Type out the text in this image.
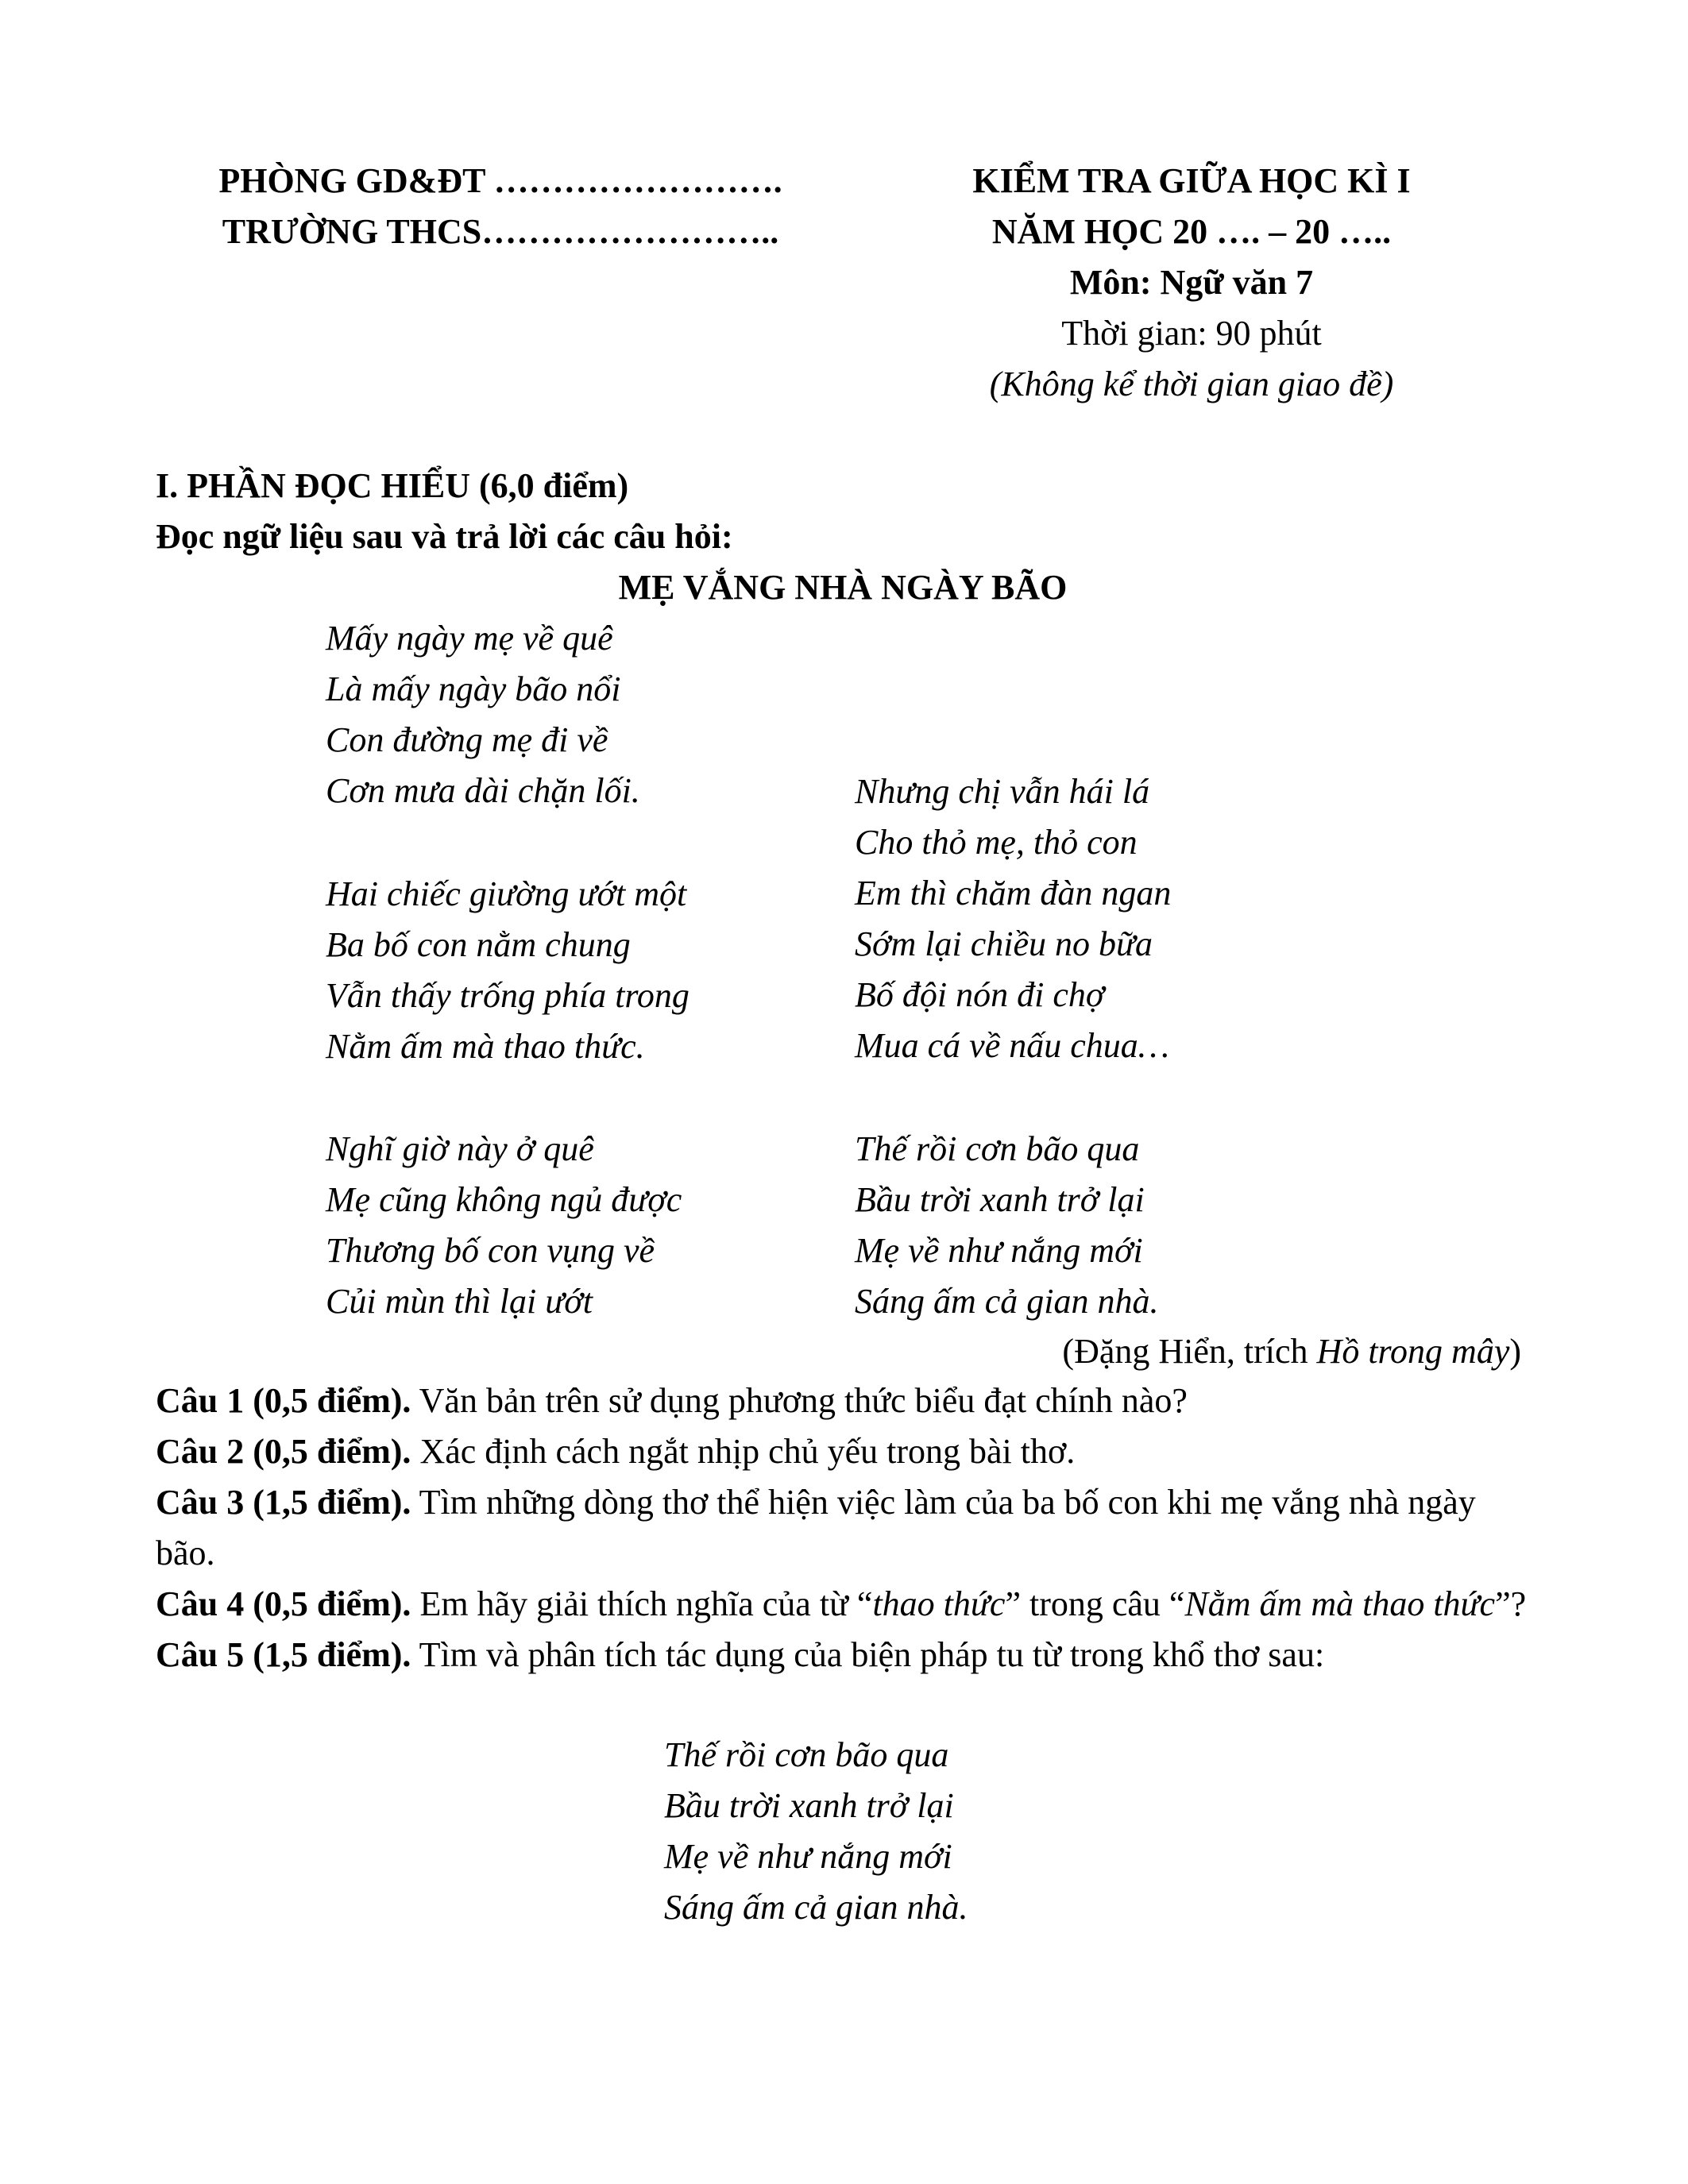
PHÒNG GD&ĐT …………………….
TRƯỜNG THCS……………………..
KIỂM TRA GIỮA HỌC KÌ I
NĂM HỌC 20 …. – 20 …..
Môn: Ngữ văn 7
Thời gian: 90 phút
(Không kể thời gian giao đề)
I. PHẦN ĐỌC HIỂU (6,0 điểm)
Đọc ngữ liệu sau và trả lời các câu hỏi:
MẸ VẮNG NHÀ NGÀY BÃO
Mấy ngày mẹ về quê
Là mấy ngày bão nổi
Con đường mẹ đi về
Cơn mưa dài chặn lối.
Hai chiếc giường ướt một
Ba bố con nằm chung
Vẫn thấy trống phía trong
Nằm ấm mà thao thức.
Nghĩ giờ này ở quê
Mẹ cũng không ngủ được
Thương bố con vụng về
Củi mùn thì lại ướt
Nhưng chị vẫn hái lá
Cho thỏ mẹ, thỏ con
Em thì chăm đàn ngan
Sớm lại chiều no bữa
Bố đội nón đi chợ
Mua cá về nấu chua…
Thế rồi cơn bão qua
Bầu trời xanh trở lại
Mẹ về như nắng mới
Sáng ấm cả gian nhà.
(Đặng Hiển, trích Hồ trong mây)
Câu 1 (0,5 điểm). Văn bản trên sử dụng phương thức biểu đạt chính nào?
Câu 2 (0,5 điểm). Xác định cách ngắt nhịp chủ yếu trong bài thơ.
Câu 3 (1,5 điểm). Tìm những dòng thơ thể hiện việc làm của ba bố con khi mẹ vắng nhà ngày bão.
Câu 4 (0,5 điểm). Em hãy giải thích nghĩa của từ “thao thức” trong câu “Nằm ấm mà thao thức”?
Câu 5 (1,5 điểm). Tìm và phân tích tác dụng của biện pháp tu từ trong khổ thơ sau:
Thế rồi cơn bão qua
Bầu trời xanh trở lại
Mẹ về như nắng mới
Sáng ấm cả gian nhà.
